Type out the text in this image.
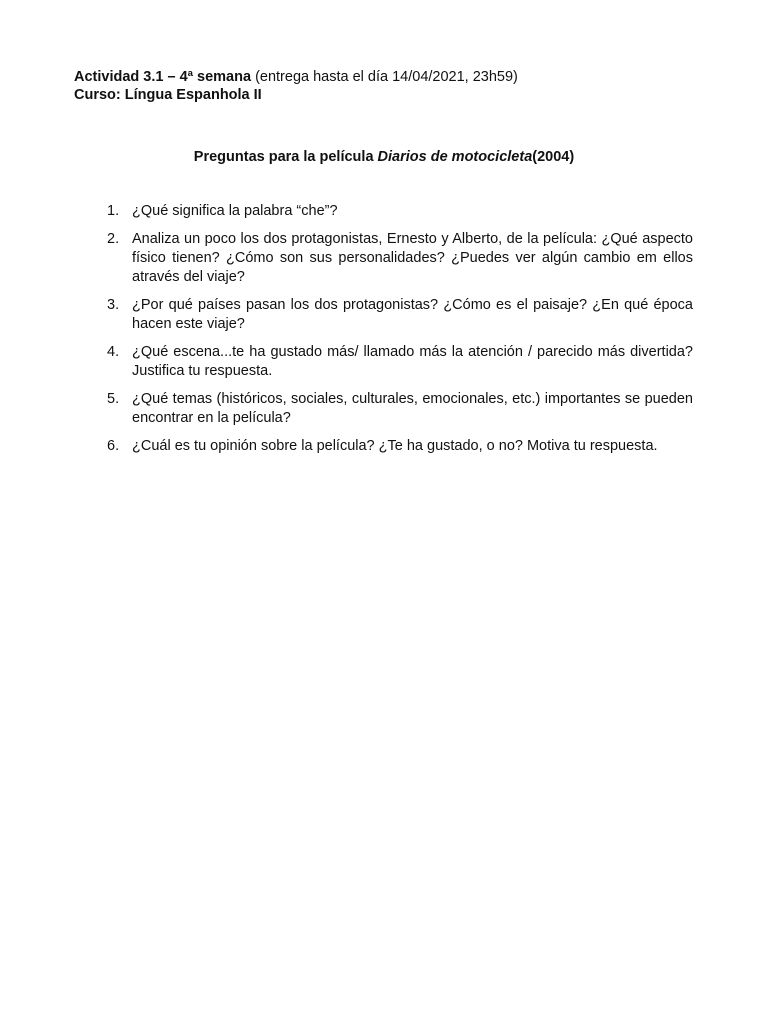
Actividad 3.1 – 4ª semana (entrega hasta el día 14/04/2021, 23h59)
Curso: Língua Espanhola II
Preguntas para la película Diarios de motocicleta(2004)
1. ¿Qué significa la palabra “che”?
2. Analiza un poco los dos protagonistas, Ernesto y Alberto, de la película: ¿Qué aspecto físico tienen? ¿Cómo son sus personalidades? ¿Puedes ver algún cambio em ellos através del viaje?
3. ¿Por qué países pasan los dos protagonistas? ¿Cómo es el paisaje? ¿En qué época hacen este viaje?
4. ¿Qué escena...te ha gustado más/ llamado más la atención / parecido más divertida? Justifica tu respuesta.
5. ¿Qué temas (históricos, sociales, culturales, emocionales, etc.) importantes se pueden encontrar en la película?
6. ¿Cuál es tu opinión sobre la película? ¿Te ha gustado, o no? Motiva tu respuesta.
